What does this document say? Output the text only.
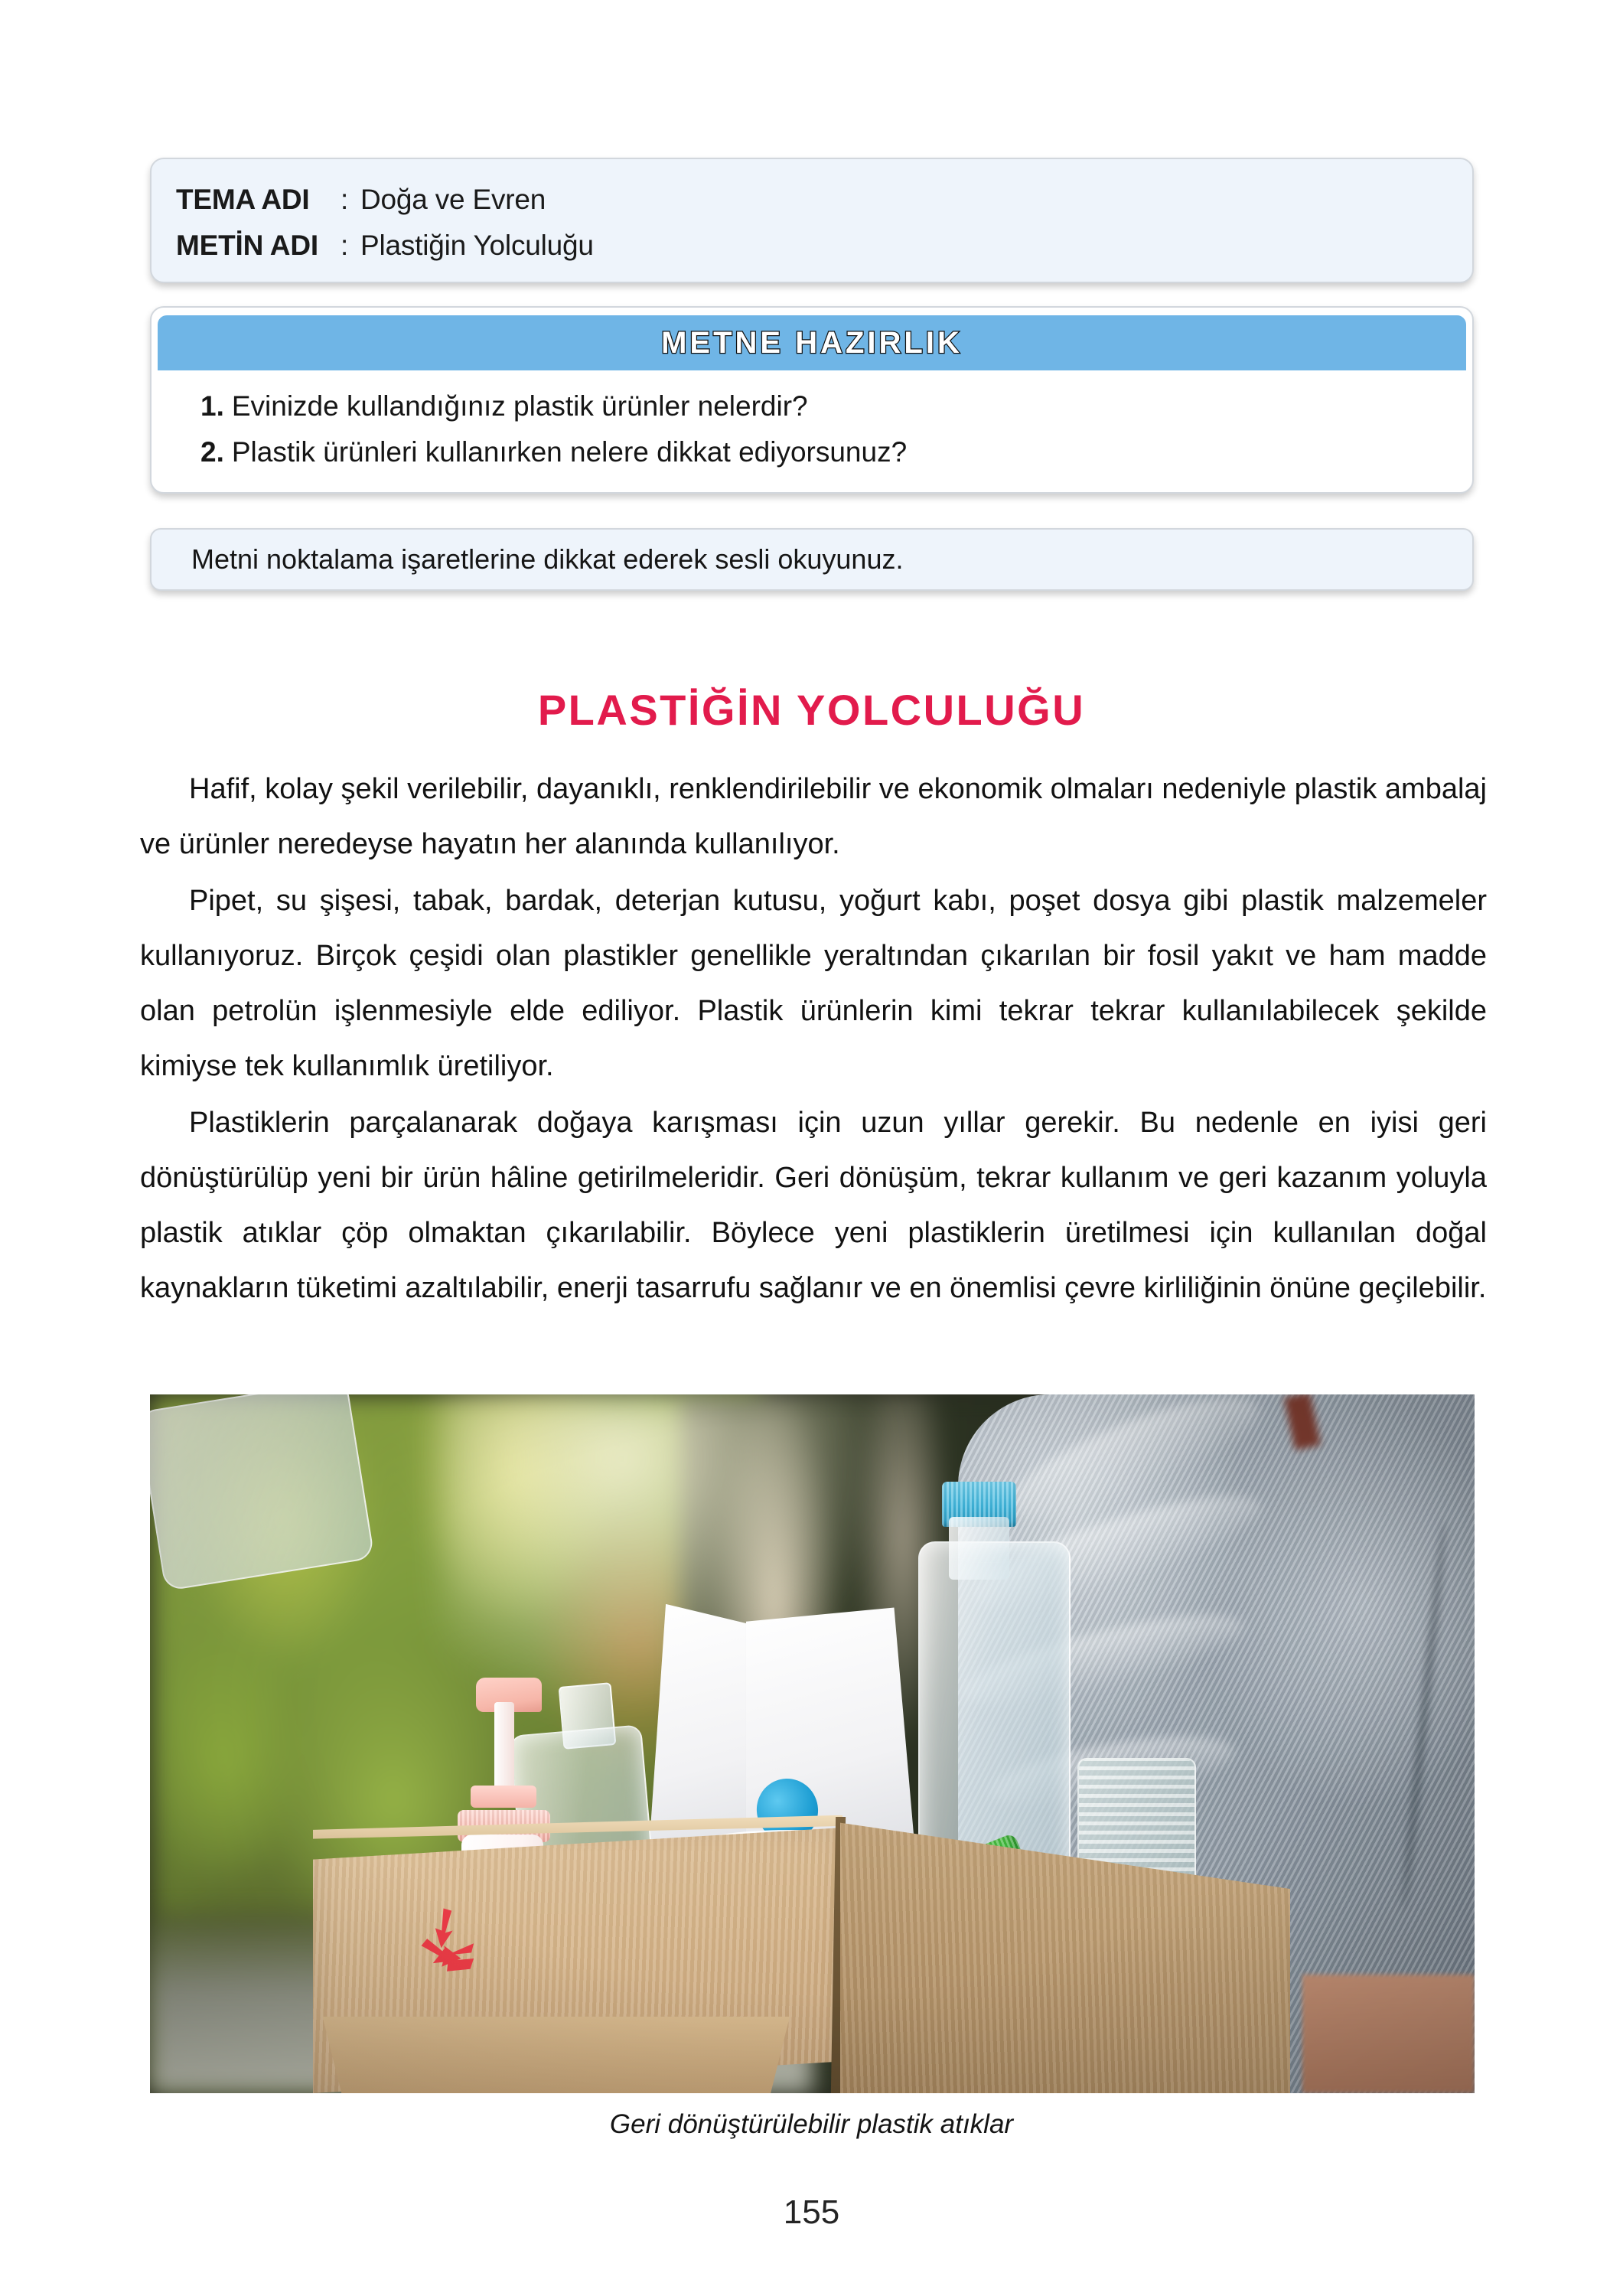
TEMA ADI : Doğa ve Evren
METİN ADI : Plastiğin Yolculuğu
METNE HAZIRLIK
1. Evinizde kullandığınız plastik ürünler nelerdir?
2. Plastik ürünleri kullanırken nelere dikkat ediyorsunuz?
Metni noktalama işaretlerine dikkat ederek sesli okuyunuz.
PLASTİĞİN YOLCULUĞU

Hafif, kolay şekil verilebilir, dayanıklı, renklendirilebilir ve ekonomik olmaları nedeniyle plastik ambalaj ve ürünler neredeyse hayatın her alanında kullanılıyor.

Pipet, su şişesi, tabak, bardak, deterjan kutusu, yoğurt kabı, poşet dosya gibi plastik malzemeler kullanıyoruz. Birçok çeşidi olan plastikler genellikle yeraltından çıkarılan bir fosil yakıt ve ham madde olan petrolün işlenmesiyle elde ediliyor. Plastik ürünlerin kimi tekrar tekrar kullanılabilecek şekilde kimiyse tek kullanımlık üretiliyor.

Plastiklerin parçalanarak doğaya karışması için uzun yıllar gerekir. Bu nedenle en iyisi geri dönüştürülüp yeni bir ürün hâline getirilmeleridir. Geri dönüşüm, tekrar kullanım ve geri kazanım yoluyla plastik atıklar çöp olmaktan çıkarılabilir. Böylece yeni plastiklerin üretilmesi için kullanılan doğal kaynakların tüketimi azaltılabilir, enerji tasarrufu sağlanır ve en önemlisi çevre kirliliğinin önüne geçilebilir.

Geri dönüştürülebilir plastik atıklar
155
